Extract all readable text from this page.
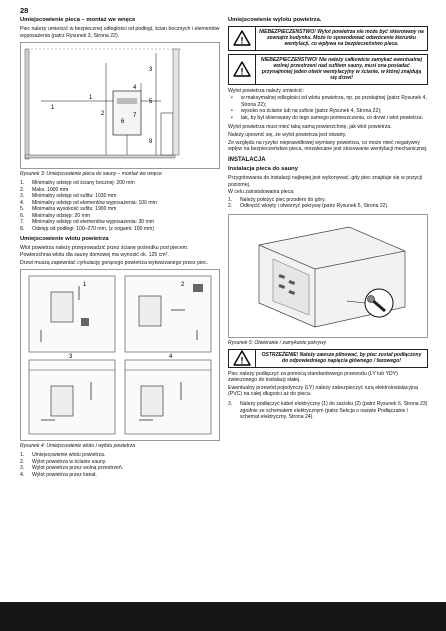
28
Umiejscowienie pieca – montaż we wnęce
Piec należy umieścić w bezpiecznej odległości od podłogi, ścian bocznych i elementów wyposażenia (patrz Rysunek 3, Strona 22).
1
1
2
3
4
5
6
7
8
Rysunek 3: Umiejscowienie pieca do sauny – montaż we wnęce
1.	Minimalny odstęp od ściany bocznej: 200 mm
2.	Maks. 1000 mm
3.	Minimalny odstęp od sufitu: 1030 mm
4.	Minimalny odstęp od elementów wyposażenia: 100 mm
5.	Minimalna wysokość sufitu: 1900 mm
6.	Minimalny odstęp: 20 mm
7.	Minimalny odstęp od elementów wyposażenia: 30 mm
8.	Odstęp od podłogi: 100–270 mm, (z nogami: 100 mm)
Umiejscowienie wlotu powietrza
Wlot powietrza należy przeprowadzić przez ścianę pośrodku pod piecem. Powierzchnia wlotu dla sauny domowej ma wynosić ok. 125 cm².
Drzwi muszą zapewniać cyrkulację gorącego powietrza wytwarzanego przez piec.
1	2
3	4
Rysunek 4: Umiejscowienie wlotu i wylotu powietrza
1.	Umiejscowienie wlotu powietrza.
2.	Wylot powietrza w ścianie sauny.
3.	Wylot powietrza przez wolną przestrzeń.
4.	Wylot powietrza przez kanał.
Umiejscowienie wylotu powietrza.
!
NIEBEZPIECZEŃSTWO! Wylot powietrza nie może być skierowany na zewnątrz budynku. Może to spowodować odwrócenie kierunku wentylacji, co wpływa na bezpieczeństwo pieca.
!
NIEBEZPIECZEŃSTWO! Nie należy całkowicie zamykać ewentualnej wolnej przestrzeni nad sufitem sauny, musi ona posiadać przynajmniej jeden otwór wentylacyjny w ścianie, w której znajdują się drzwi!
Wylot powietrza należy umieścić:
•	w maksymalnej odległości od wlotu powietrza, np. po przekątnej (patrz Rysunek 4, Strona 22);
•	wysoko na ścianie lub na suficie (patrz Rysunek 4, Strona 22);
•	tak, by był skierowany do tego samego pomieszczenia, co drzwi i wlot powietrza.
Wylot powietrza musi mieć taką samą powierzchnię, jak wlot powietrza.
Należy upewnić się, że wylot powietrza jest otwarty.
Ze względu na ryzyko nieprawidłowej wymiany powietrza, co może mieć negatywny wpływ na bezpieczeństwo pieca, niezalecane jest stosowanie wentylacji mechanicznej.
INSTALACJA
Instalacja pieca do sauny
Przygotowania do instalacji najlepiej jest wykonywać, gdy piec znajduje się w pozycji poziomej.
W celu zainstalowania pieca:
1.	Należy położyć piec przodem do góry.
2.	Odkręcić wkręty i otworzyć pokrywę (patrz Rysunek 5, Strona 22).
Rysunek 5: Otwieranie / zamykanie pokrywy
!
OSTRZEŻENIE! Należy zawsze pilnować, by piec został podłączony do odpowiedniego napięcia głównego / fazowego!
Piec należy podłączyć za pomocą standardowego przewodu (LY lub YDY) zwierzonego do instalacji stałej.
Ewentualny przewód pojedynczy (LY) należy zabezpieczyć rurą elektroinstalacyjną (PVC) na całej długości aż do pieca.
3.	Należy podłączyć kabel elektryczny (1) do zacisku (2) (patrz Rysunek 6, Strona 23) zgodnie ze schematem elektrycznym (patrz Sekcja o nazwie Podłączanie / schemat elektryczny, Strona 24).
